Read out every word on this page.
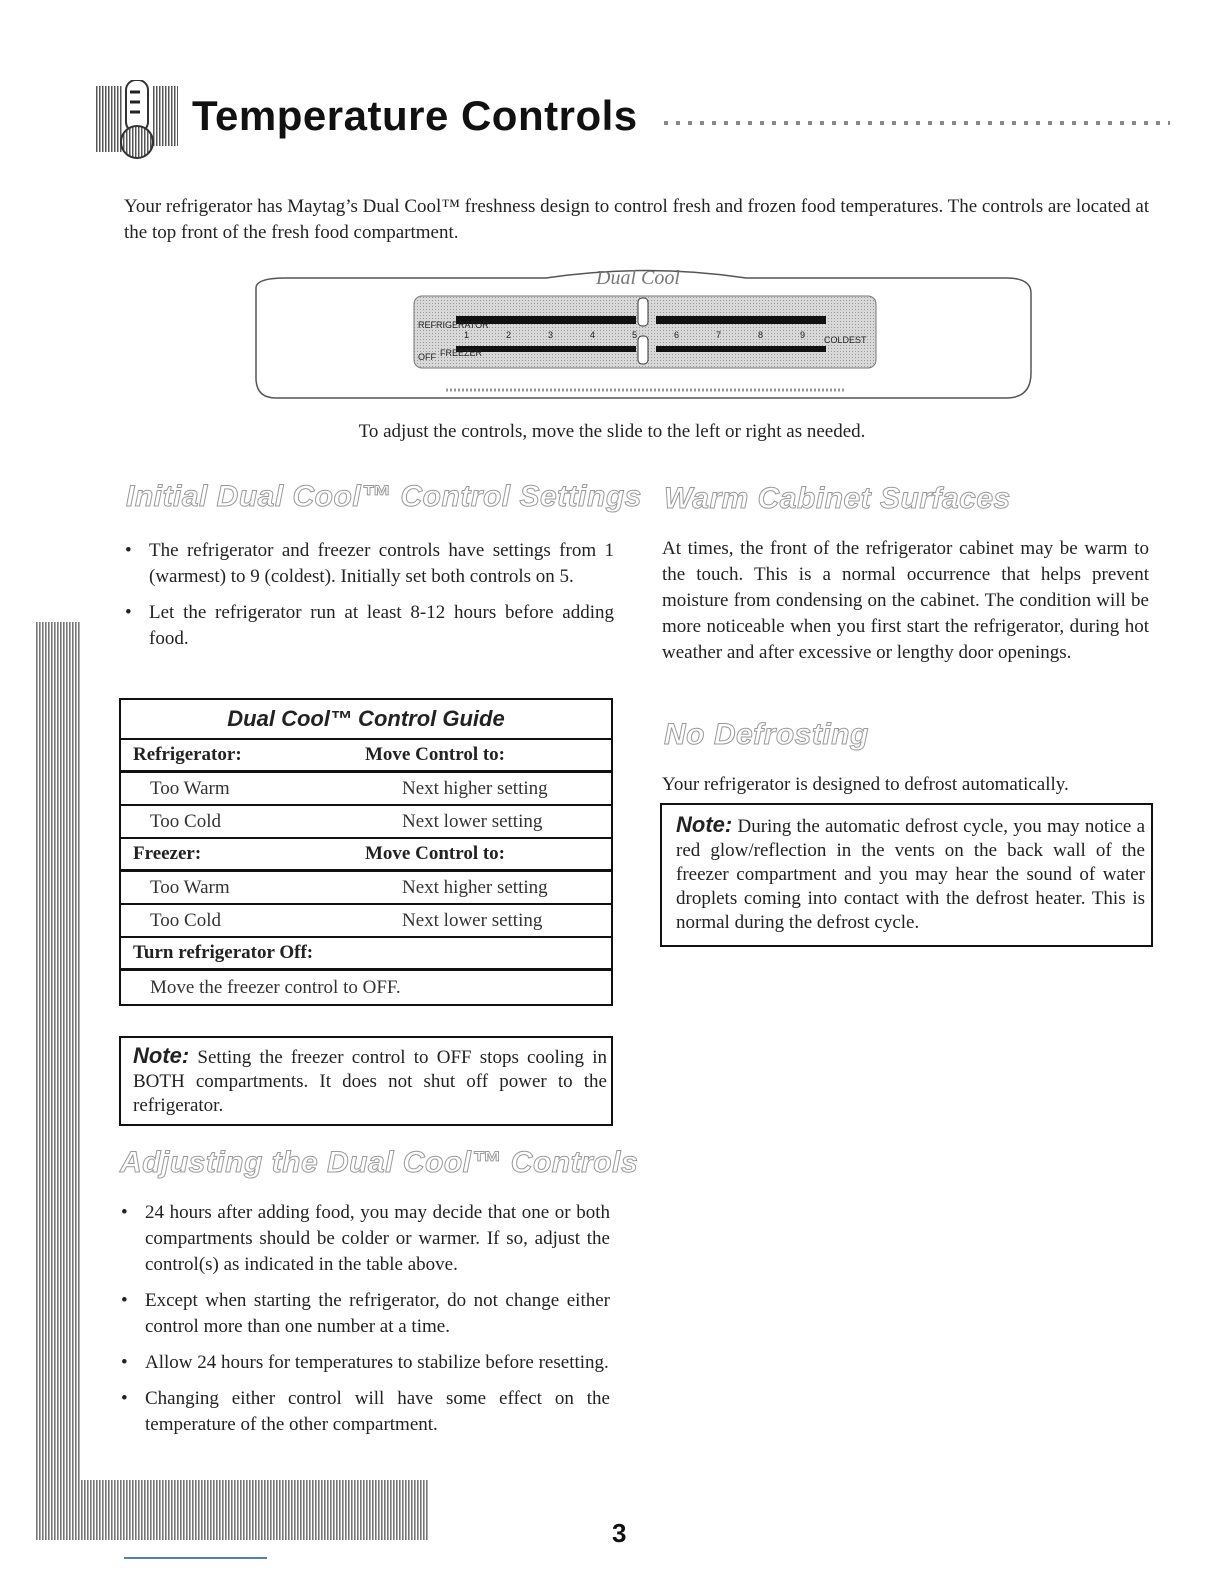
Temperature Controls
Your refrigerator has Maytag’s Dual Cool™ freshness design to control fresh and frozen food temperatures. The controls are located at the top front of the fresh food compartment.
Dual Cool
REFRIGERATOR
OFF FREEZER
COLDEST
1	2	3	4	5	6	7	8	9
To adjust the controls, move the slide to the left or right as needed.
Initial Dual Cool™ Control Settings
• The refrigerator and freezer controls have settings from 1 (warmest) to 9 (coldest). Initially set both controls on 5.
• Let the refrigerator run at least 8-12 hours before adding food.
Dual Cool™ Control Guide
Refrigerator:	Move Control to:
Too Warm	Next higher setting
Too Cold	Next lower setting
Freezer:	Move Control to:
Too Warm	Next higher setting
Too Cold	Next lower setting
Turn refrigerator Off:
Move the freezer control to OFF.
Note: Setting the freezer control to OFF stops cooling in BOTH compartments. It does not shut off power to the refrigerator.
Adjusting the Dual Cool™ Controls
• 24 hours after adding food, you may decide that one or both compartments should be colder or warmer. If so, adjust the control(s) as indicated in the table above.
• Except when starting the refrigerator, do not change either control more than one number at a time.
• Allow 24 hours for temperatures to stabilize before resetting.
• Changing either control will have some effect on the temperature of the other compartment.
Warm Cabinet Surfaces
At times, the front of the refrigerator cabinet may be warm to the touch. This is a normal occurrence that helps prevent moisture from condensing on the cabinet. The condition will be more noticeable when you first start the refrigerator, during hot weather and after excessive or lengthy door openings.
No Defrosting
Your refrigerator is designed to defrost automatically.
Note: During the automatic defrost cycle, you may notice a red glow/reflection in the vents on the back wall of the freezer compartment and you may hear the sound of water droplets coming into contact with the defrost heater. This is normal during the defrost cycle.
3
